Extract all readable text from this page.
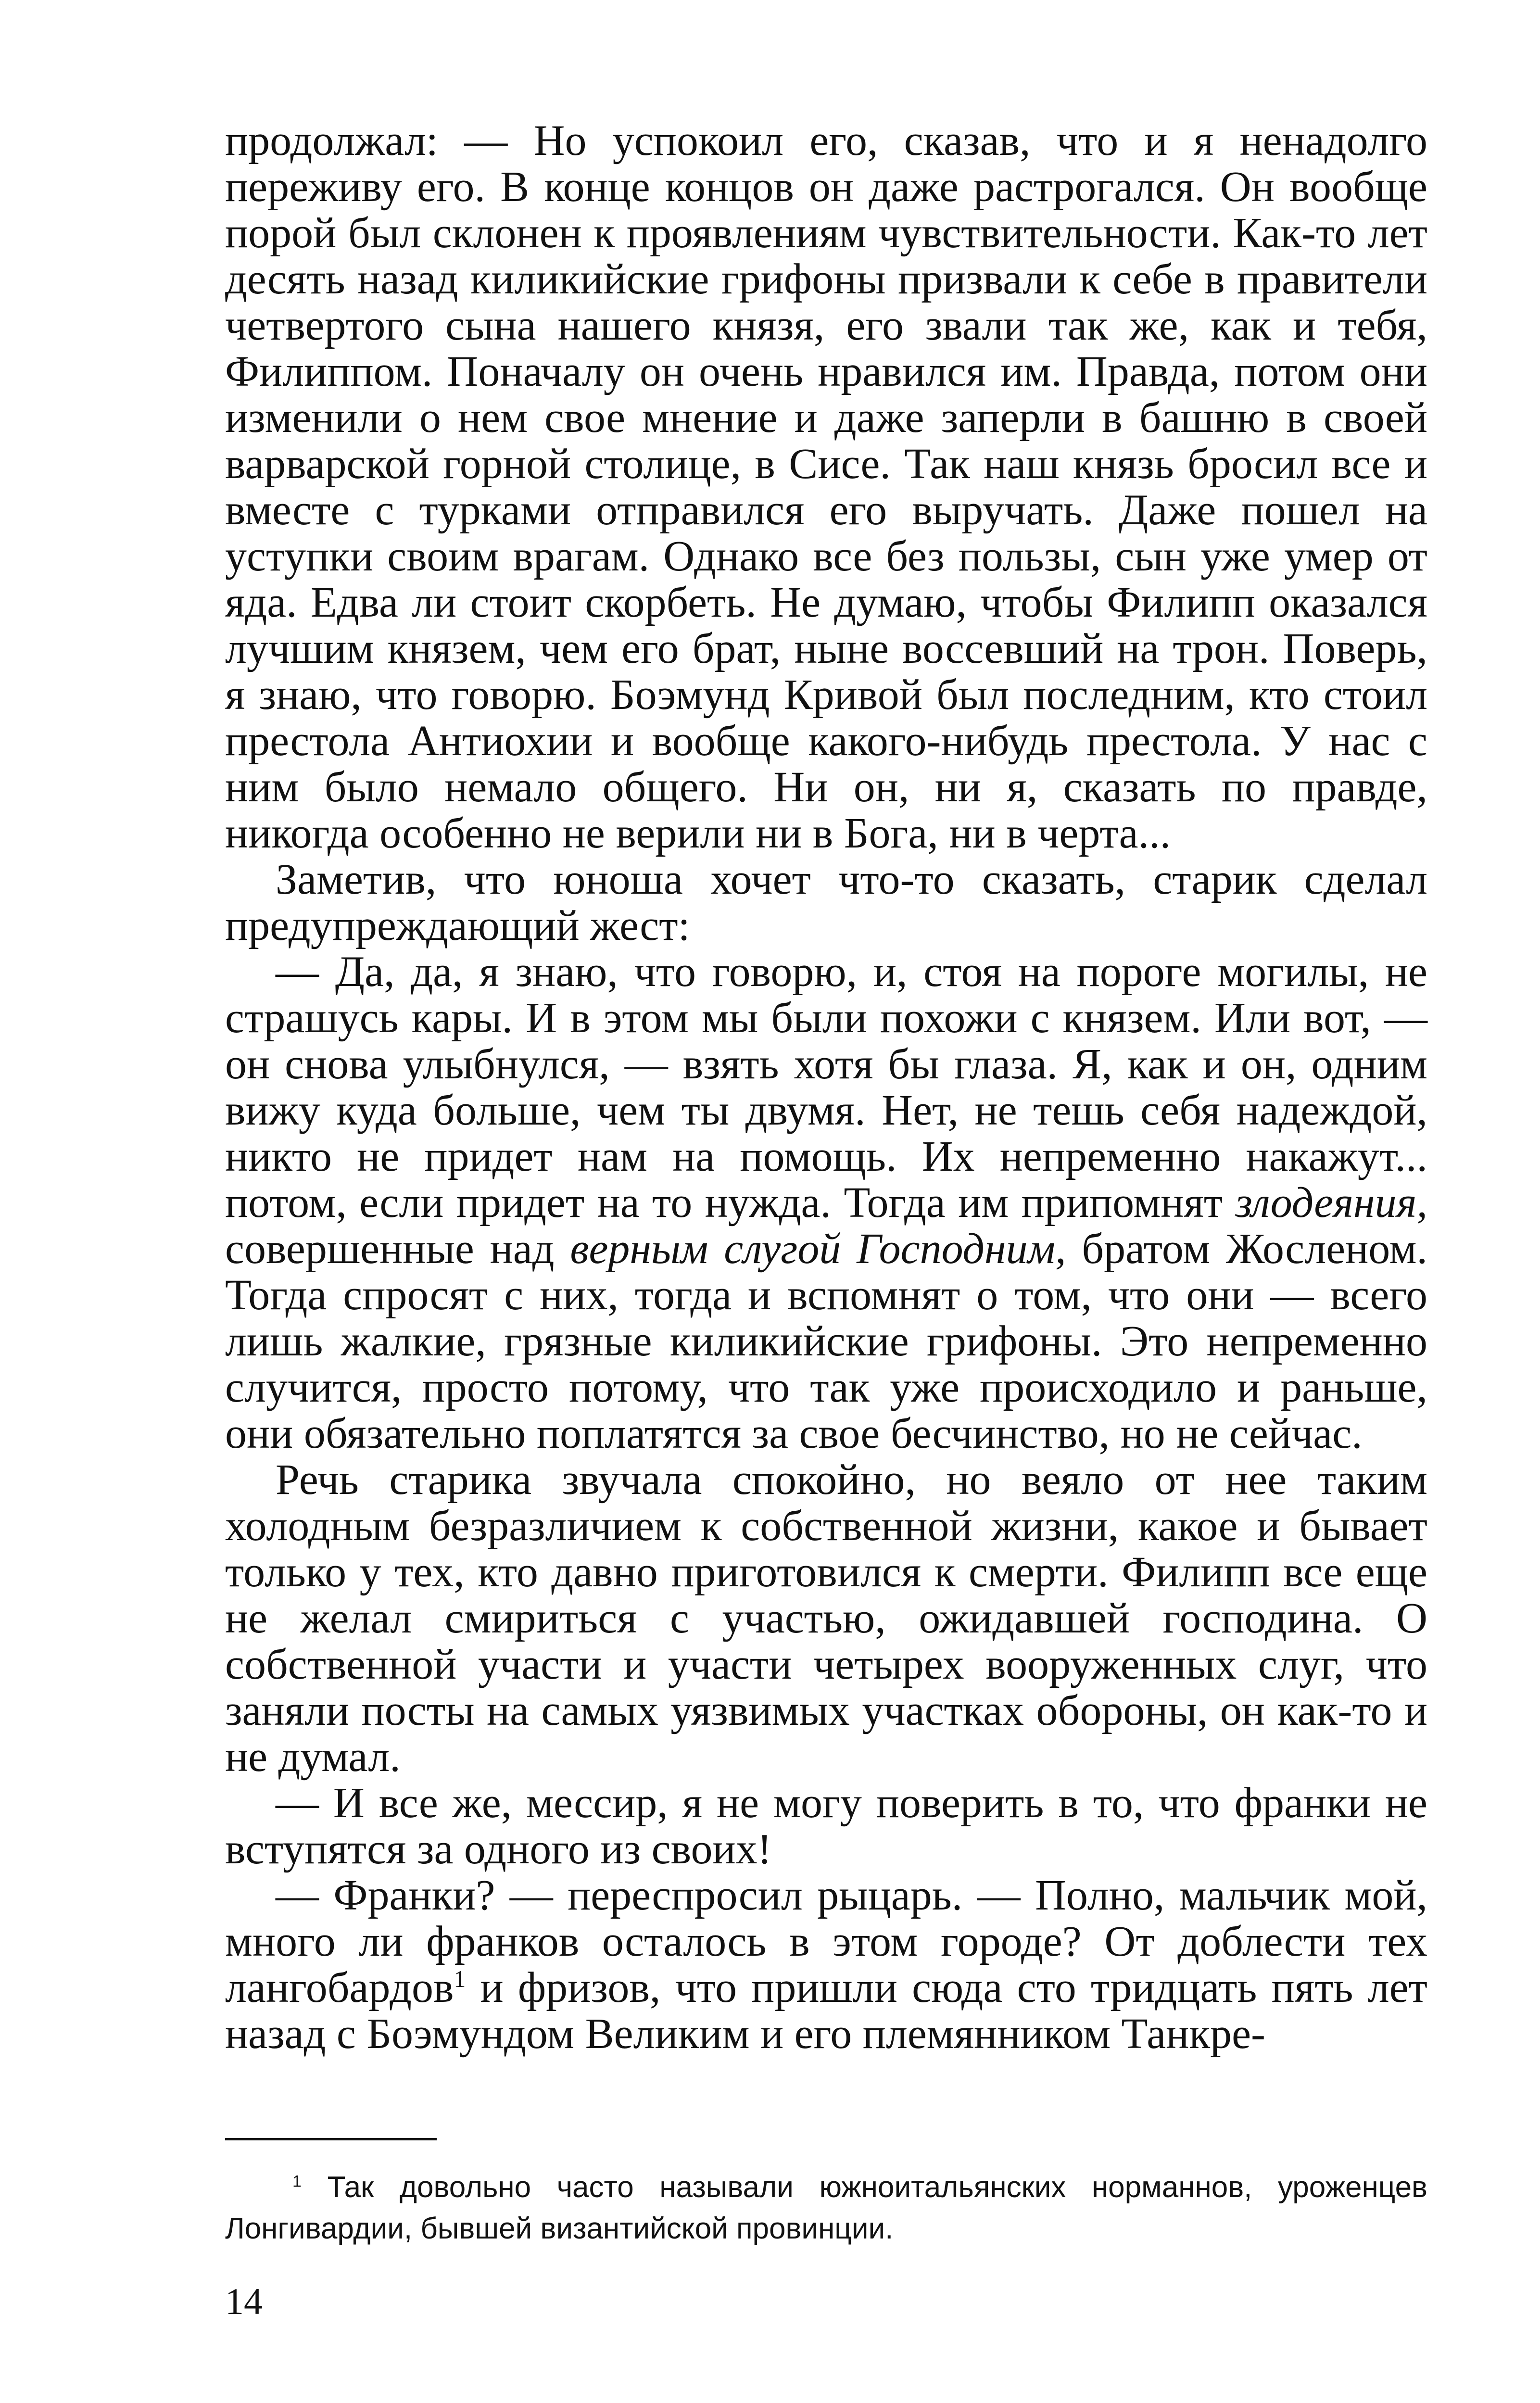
продолжал: — Но успокоил его, сказав, что и я ненадолго переживу его. В конце концов он даже растрогался. Он вообще порой был склонен к проявлениям чувствительности. Как-то лет десять назад киликийские грифоны призвали к себе в правители четвертого сына нашего князя, его звали так же, как и тебя, Филиппом. Поначалу он очень нравился им. Правда, потом они изменили о нем свое мнение и даже заперли в башню в своей варварской горной столице, в Сисе. Так наш князь бросил все и вместе с турками отправился его выручать. Даже пошел на уступки своим врагам. Однако все без пользы, сын уже умер от яда. Едва ли стоит скорбеть. Не думаю, чтобы Филипп оказался лучшим князем, чем его брат, ныне воссевший на трон. Поверь, я знаю, что говорю. Боэмунд Кривой был последним, кто стоил престола Антиохии и вообще какого-нибудь престола. У нас с ним было немало общего. Ни он, ни я, сказать по правде, никогда особенно не верили ни в Бога, ни в черта...

Заметив, что юноша хочет что-то сказать, старик сделал предупреждающий жест:

— Да, да, я знаю, что говорю, и, стоя на пороге могилы, не страшусь кары. И в этом мы были похожи с князем. Или вот, — он снова улыбнулся, — взять хотя бы глаза. Я, как и он, одним вижу куда больше, чем ты двумя. Нет, не тешь себя надеждой, никто не придет нам на помощь. Их непременно накажут... потом, если придет на то нужда. Тогда им припомнят злодеяния, совершенные над верным слугой Господним, братом Жосленом. Тогда спросят с них, тогда и вспомнят о том, что они — всего лишь жалкие, грязные киликийские грифоны. Это непременно случится, просто потому, что так уже происходило и раньше, они обязательно поплатятся за свое бесчинство, но не сейчас.

Речь старика звучала спокойно, но веяло от нее таким холодным безразличием к собственной жизни, какое и бывает только у тех, кто давно приготовился к смерти. Филипп все еще не желал смириться с участью, ожидавшей господина. О собственной участи и участи четырех вооруженных слуг, что заняли посты на самых уязвимых участках обороны, он как-то и не думал.

— И все же, мессир, я не могу поверить в то, что франки не вступятся за одного из своих!

— Франки? — переспросил рыцарь. — Полно, мальчик мой, много ли франков осталось в этом городе? От доблести тех лангобардов$^1$ и фризов, что пришли сюда сто тридцать пять лет назад с Боэмундом Великим и его племянником Танкре-

$^1$ Так довольно часто называли южноитальянских норманнов, уроженцев Лонгивардии, бывшей византийской провинции.
14
